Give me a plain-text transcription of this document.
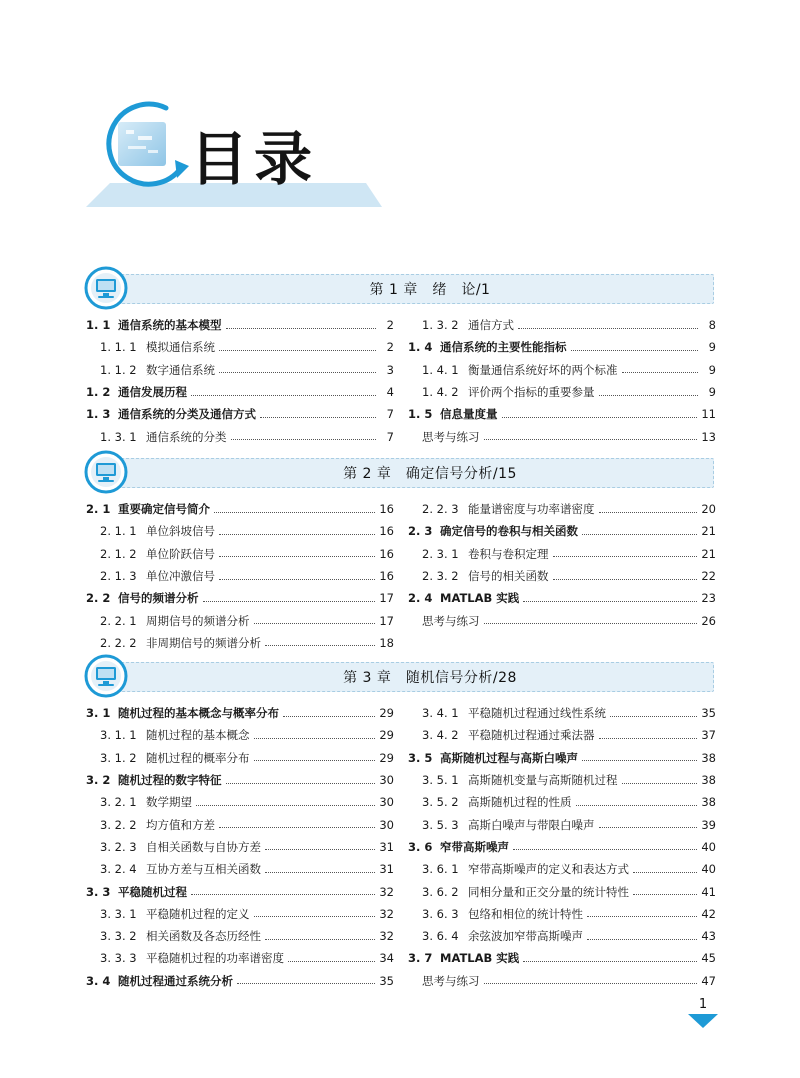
目录
第 1 章　绪　论/1
1. 1 通信系统的基本模型	2
1. 1. 1 模拟通信系统	2
1. 1. 2 数字通信系统	3
1. 2 通信发展历程	4
1. 3 通信系统的分类及通信方式	7
1. 3. 1 通信系统的分类	7
1. 3. 2 通信方式	8
1. 4 通信系统的主要性能指标	9
1. 4. 1 衡量通信系统好坏的两个标准	9
1. 4. 2 评价两个指标的重要参量	9
1. 5 信息量度量	11
思考与练习	13
第 2 章　确定信号分析/15
2. 1 重要确定信号简介	16
2. 1. 1 单位斜坡信号	16
2. 1. 2 单位阶跃信号	16
2. 1. 3 单位冲激信号	16
2. 2 信号的频谱分析	17
2. 2. 1 周期信号的频谱分析	17
2. 2. 2 非周期信号的频谱分析	18
2. 2. 3 能量谱密度与功率谱密度	20
2. 3 确定信号的卷积与相关函数	21
2. 3. 1 卷积与卷积定理	21
2. 3. 2 信号的相关函数	22
2. 4 MATLAB 实践	23
思考与练习	26
第 3 章　随机信号分析/28
3. 1 随机过程的基本概念与概率分布	29
3. 1. 1 随机过程的基本概念	29
3. 1. 2 随机过程的概率分布	29
3. 2 随机过程的数字特征	30
3. 2. 1 数学期望	30
3. 2. 2 均方值和方差	30
3. 2. 3 自相关函数与自协方差	31
3. 2. 4 互协方差与互相关函数	31
3. 3 平稳随机过程	32
3. 3. 1 平稳随机过程的定义	32
3. 3. 2 相关函数及各态历经性	32
3. 3. 3 平稳随机过程的功率谱密度	34
3. 4 随机过程通过系统分析	35
3. 4. 1 平稳随机过程通过线性系统	35
3. 4. 2 平稳随机过程通过乘法器	37
3. 5 高斯随机过程与高斯白噪声	38
3. 5. 1 高斯随机变量与高斯随机过程	38
3. 5. 2 高斯随机过程的性质	38
3. 5. 3 高斯白噪声与带限白噪声	39
3. 6 窄带高斯噪声	40
3. 6. 1 窄带高斯噪声的定义和表达方式	40
3. 6. 2 同相分量和正交分量的统计特性	41
3. 6. 3 包络和相位的统计特性	42
3. 6. 4 余弦波加窄带高斯噪声	43
3. 7 MATLAB 实践	45
思考与练习	47
1
